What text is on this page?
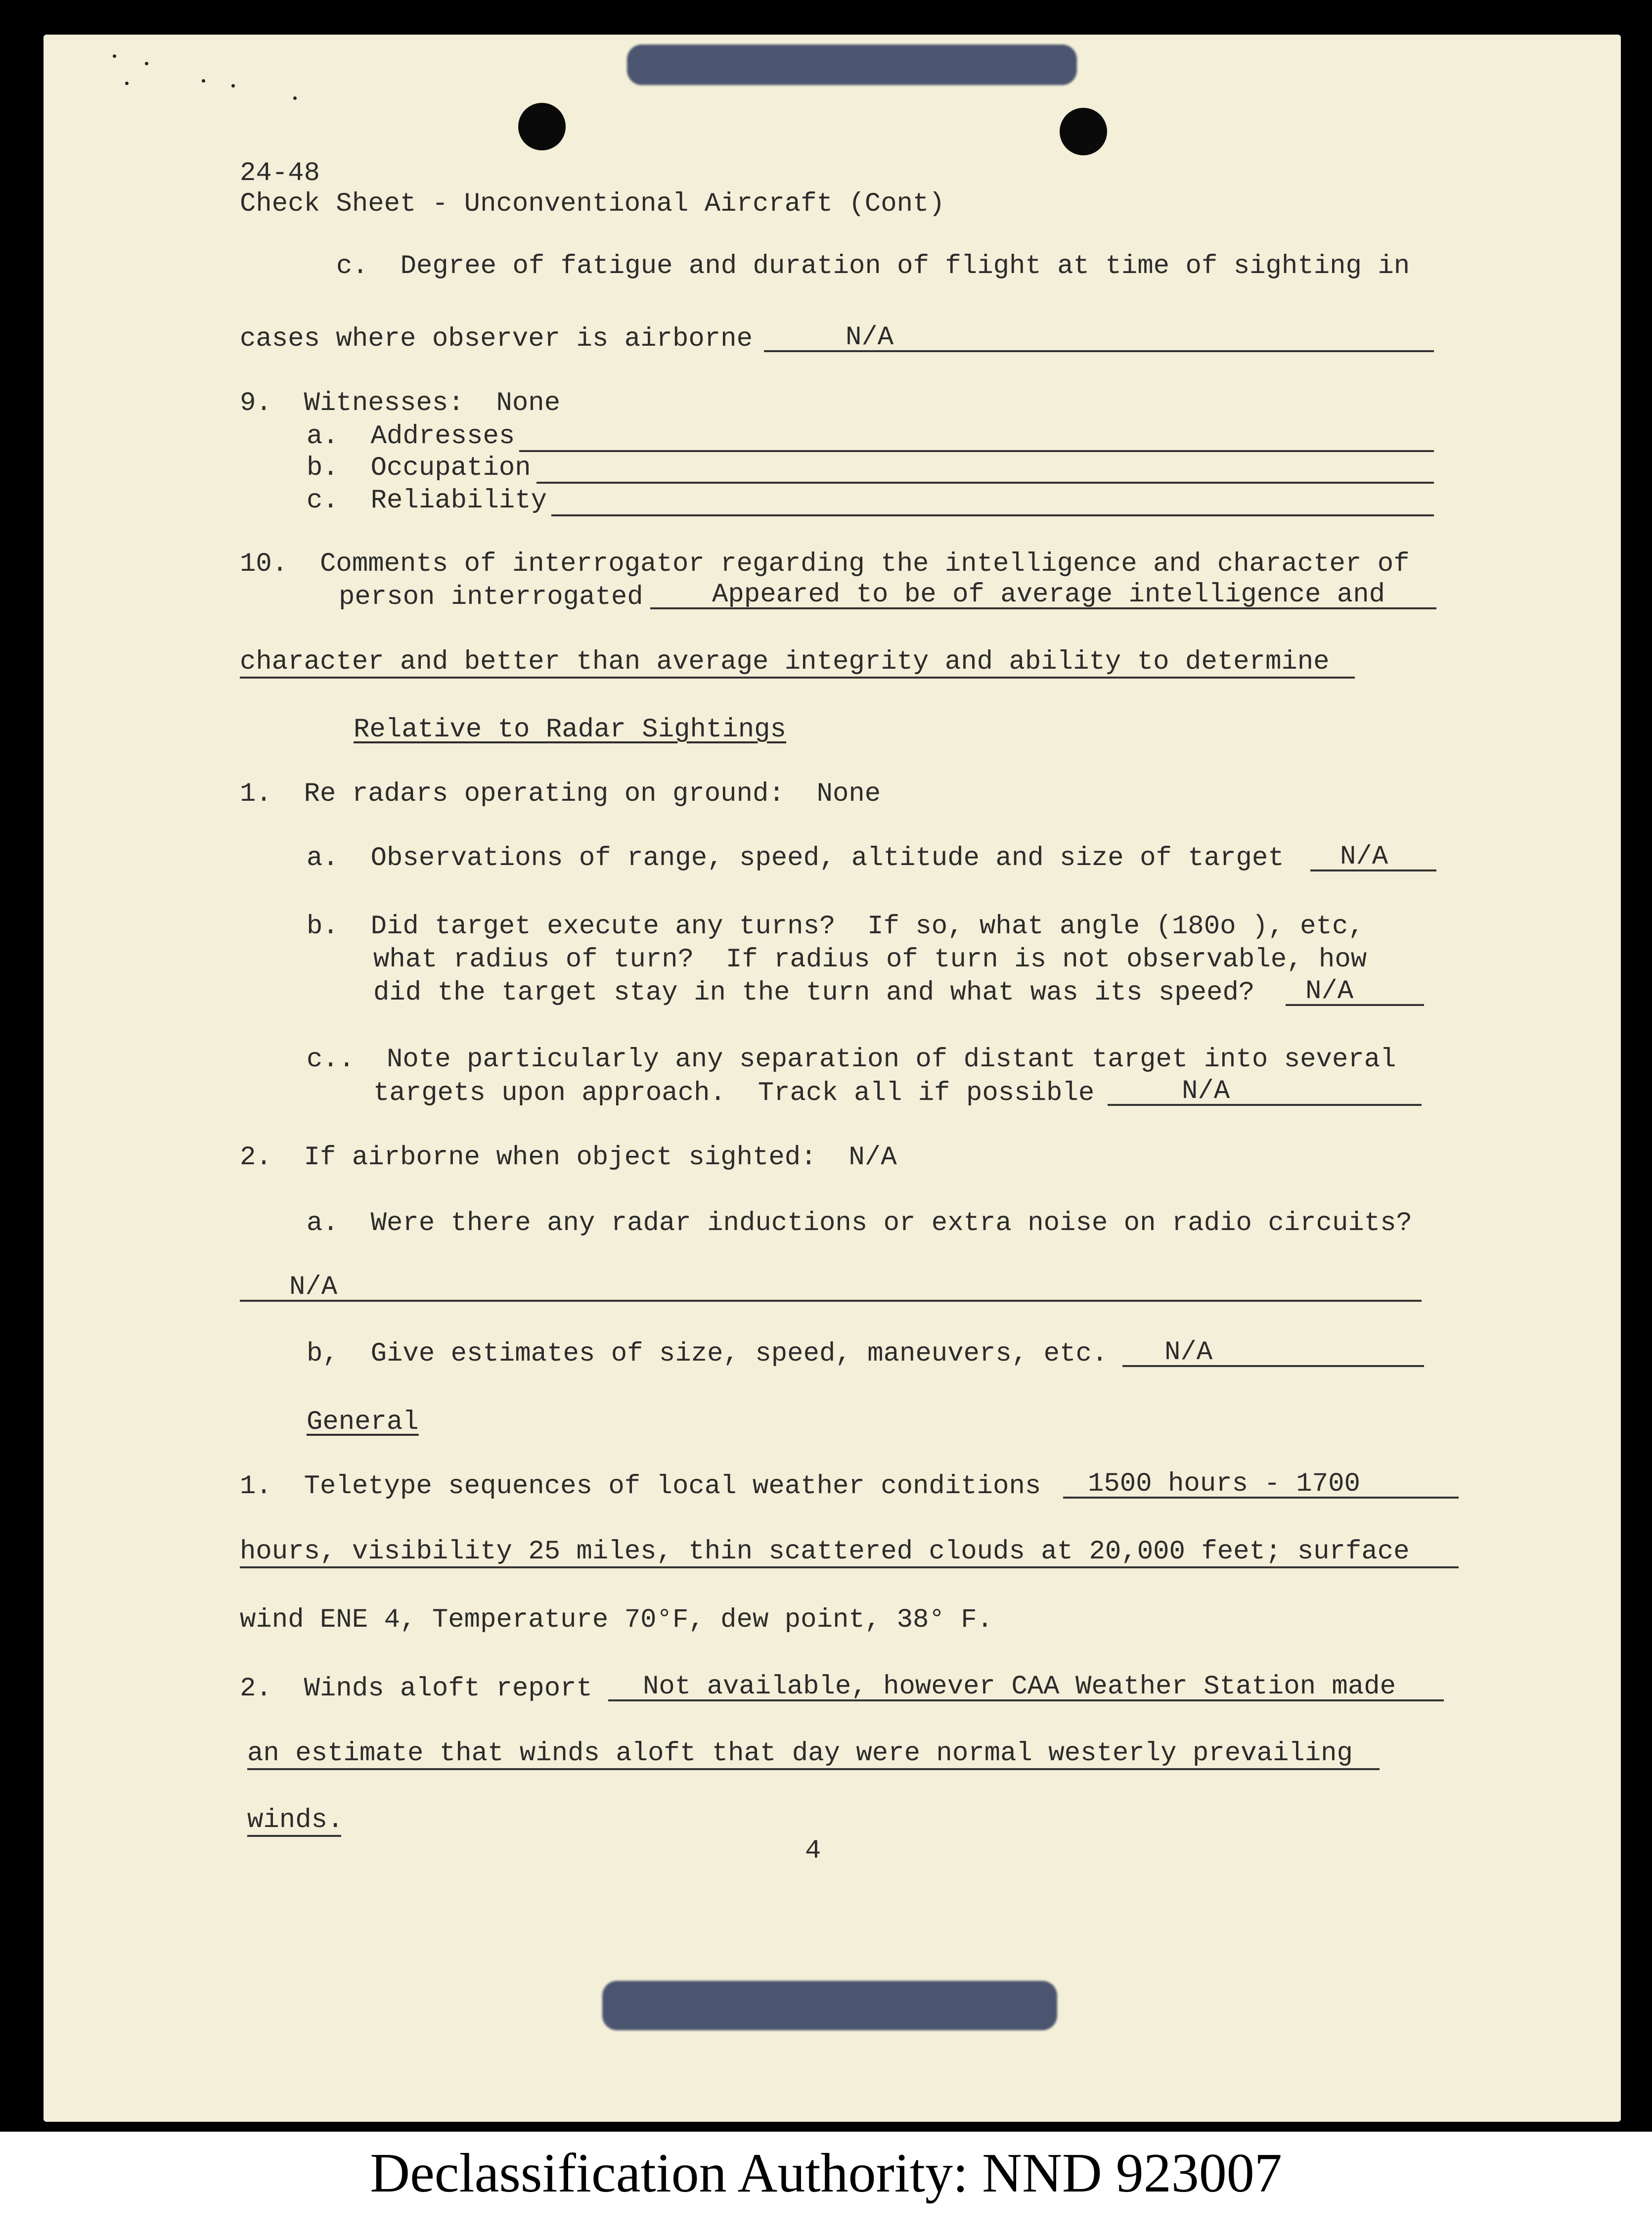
24-48
Check Sheet - Unconventional Aircraft (Cont)
c.  Degree of fatigue and duration of flight at time of sighting in
cases where observer is airborne	N/A
9.  Witnesses:  None
a.  Addresses
b.  Occupation
c.  Reliability
10.  Comments of interrogator regarding the intelligence and character of
person interrogated	Appeared to be of average intelligence and
character and better than average integrity and ability to determine
Relative to Radar Sightings
1.  Re radars operating on ground:  None
a.  Observations of range, speed, altitude and size of target	N/A
b.  Did target execute any turns?  If so, what angle (180o ), etc,
what radius of turn?  If radius of turn is not observable, how
did the target stay in the turn and what was its speed?	N/A
c..  Note particularly any separation of distant target into several
targets upon approach.  Track all if possible	N/A
2.  If airborne when object sighted:  N/A
a.  Were there any radar inductions or extra noise on radio circuits?
N/A
b,  Give estimates of size, speed, maneuvers, etc.	N/A
General
1.  Teletype sequences of local weather conditions	1500 hours - 1700
hours, visibility 25 miles, thin scattered clouds at 20,000 feet; surface
wind ENE 4, Temperature 70°F, dew point, 38° F.
2.  Winds aloft report	Not available, however CAA Weather Station made
an estimate that winds aloft that day were normal westerly prevailing
winds.
4
Declassification Authority: NND 923007
